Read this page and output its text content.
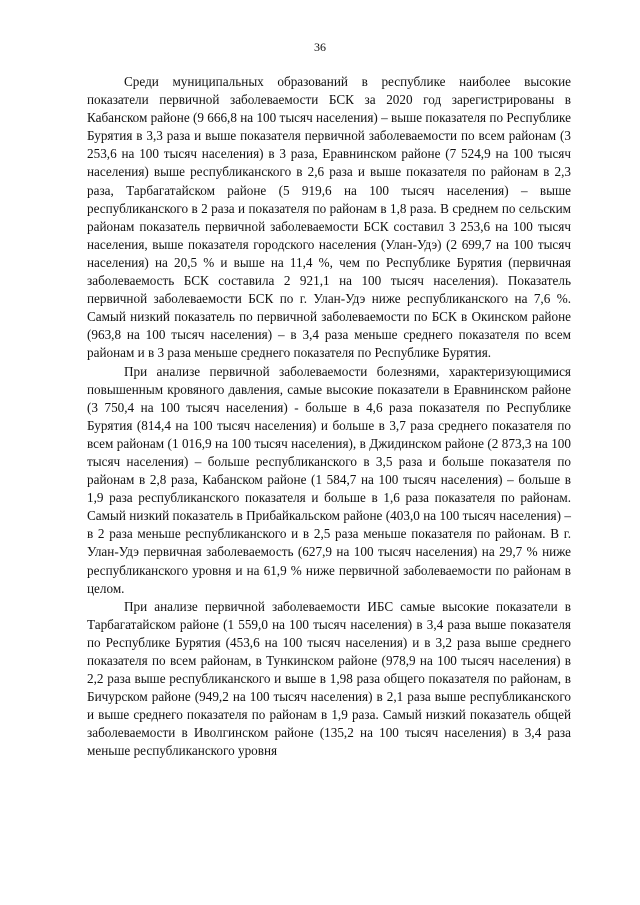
36

Среди муниципальных образований в республике наиболее высокие показатели первичной заболеваемости БСК за 2020 год зарегистрированы в Кабанском районе (9 666,8 на 100 тысяч населения) – выше показателя по Республике Бурятия в 3,3 раза и выше показателя первичной заболеваемости по всем районам (3 253,6 на 100 тысяч населения) в 3 раза, Еравнинском районе (7 524,9 на 100 тысяч населения) выше республиканского в 2,6 раза и выше показателя по районам в 2,3 раза, Тарбагатайском районе (5 919,6 на 100 тысяч населения) – выше республиканского в 2 раза и показателя по районам в 1,8 раза. В среднем по сельским районам показатель первичной заболеваемости БСК составил 3 253,6 на 100 тысяч населения, выше показателя городского населения (Улан-Удэ) (2 699,7 на 100 тысяч населения) на 20,5 % и выше на 11,4 %, чем по Республике Бурятия (первичная заболеваемость БСК составила 2 921,1 на 100 тысяч населения). Показатель первичной заболеваемости БСК по г. Улан-Удэ ниже республиканского на 7,6 %. Самый низкий показатель по первичной заболеваемости по БСК в Окинском районе (963,8 на 100 тысяч населения) – в 3,4 раза меньше среднего показателя по всем районам и в 3 раза меньше среднего показателя по Республике Бурятия.

При анализе первичной заболеваемости болезнями, характеризующимися повышенным кровяного давления, самые высокие показатели в Еравнинском районе (3 750,4 на 100 тысяч населения) - больше в 4,6 раза показателя по Республике Бурятия (814,4 на 100 тысяч населения) и больше в 3,7 раза среднего показателя по всем районам (1 016,9 на 100 тысяч населения), в Джидинском районе (2 873,3 на 100 тысяч населения) – больше республиканского в 3,5 раза и больше показателя по районам в 2,8 раза, Кабанском районе (1 584,7 на 100 тысяч населения) – больше в 1,9 раза республиканского показателя и больше в 1,6 раза показателя по районам. Самый низкий показатель в Прибайкальском районе (403,0 на 100 тысяч населения) – в 2 раза меньше республиканского и в 2,5 раза меньше показателя по районам. В г. Улан-Удэ первичная заболеваемость (627,9 на 100 тысяч населения) на 29,7 % ниже республиканского уровня и на 61,9 % ниже первичной заболеваемости по районам в целом.

При анализе первичной заболеваемости ИБС самые высокие показатели в Тарбагатайском районе (1 559,0 на 100 тысяч населения) в 3,4 раза выше показателя по Республике Бурятия (453,6 на 100 тысяч населения) и в 3,2 раза выше среднего показателя по всем районам, в Тункинском районе (978,9 на 100 тысяч населения) в 2,2 раза выше республиканского и выше в 1,98 раза общего показателя по районам, в Бичурском районе (949,2 на 100 тысяч населения) в 2,1 раза выше республиканского и выше среднего показателя по районам в 1,9 раза. Самый низкий показатель общей заболеваемости в Иволгинском районе (135,2 на 100 тысяч населения) в 3,4 раза меньше республиканского уровня
